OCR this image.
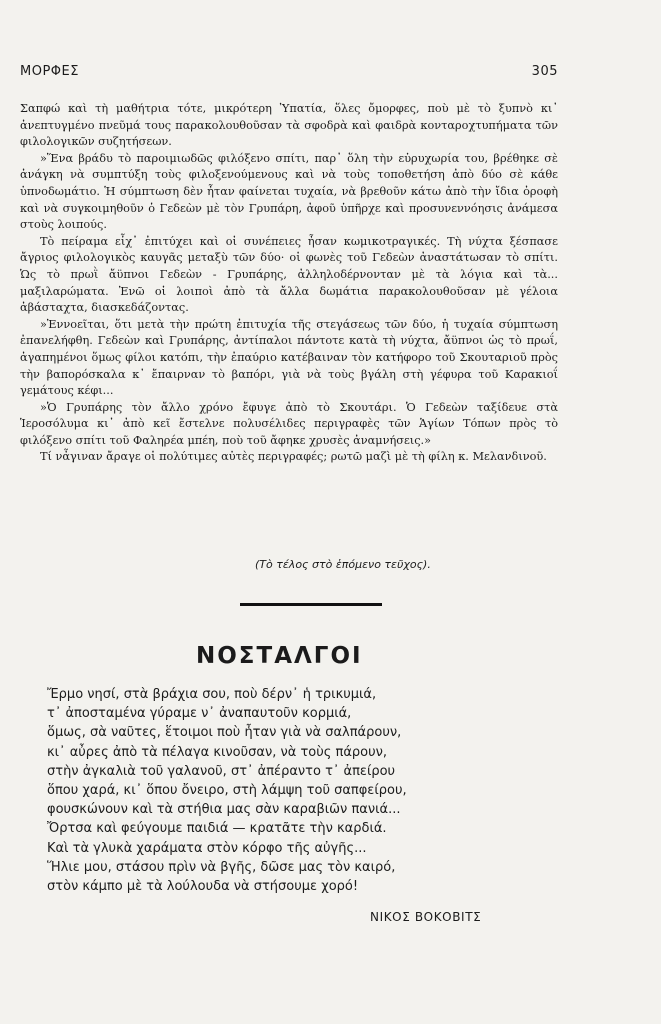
ΜΟΡΦΕΣ	305

Σαπφώ καὶ τὴ μαθήτρια τότε, μικρότερη Ὑπατία, ὅλες ὄμορφες, ποὺ μὲ τὸ ξυπνὸ κι᾽ ἀνεπτυγμένο πνεῦμά τους παρακολουθοῦσαν τὰ σφοδρὰ καὶ φαιδρὰ κονταροχτυπήματα τῶν φιλολογικῶν συζητήσεων.

»Ἕνα βράδυ τὸ παροιμιωδῶς φιλόξενο σπίτι, παρ᾽ ὅλη τὴν εὐρυχωρία του, βρέθηκε σὲ ἀνάγκη νὰ συμπτύξη τοὺς φιλοξενούμενους καὶ νὰ τοὺς τοποθετήση ἀπὸ δύο σὲ κάθε ὑπνοδωμάτιο. Ἡ σύμπτωση δὲν ἦταν φαίνεται τυχαία, νὰ βρεθοῦν κάτω ἀπὸ τὴν ἴδια ὀροφὴ καὶ νὰ συγκοιμηθοῦν ὁ Γεδεὼν μὲ τὸν Γρυπάρη, ἀφοῦ ὑπῆρχε καὶ προσυνεννόησις ἀνάμεσα στοὺς λοιπούς.

Τὸ πείραμα εἶχ᾽ ἐπιτύχει καὶ οἱ συνέπειες ἦσαν κωμικοτραγικές. Τὴ νύχτα ξέσπασε ἄγριος φιλολογικὸς καυγᾶς μεταξὺ τῶν δύο· οἱ φωνὲς τοῦ Γεδεὼν ἀναστάτωσαν τὸ σπίτι. Ὡς τὸ πρωῒ ἄϋπνοι Γεδεὼν - Γρυπάρης, ἀλληλοδέρνονταν μὲ τὰ λόγια καὶ τὰ... μαξιλαρώματα. Ἐνῶ οἱ λοιποὶ ἀπὸ τὰ ἄλλα δωμάτια παρακολουθοῦσαν μὲ γέλοια ἀβάσταχτα, διασκεδάζοντας.

»Ἐννοεῖται, ὅτι μετὰ τὴν πρώτη ἐπιτυχία τῆς στεγάσεως τῶν δύο, ἡ τυχαία σύμπτωση ἐπανελήφθη. Γεδεὼν καὶ Γρυπάρης, ἀντίπαλοι πάντοτε κατὰ τὴ νύχτα, ἄϋπνοι ὡς τὸ πρωΐ, ἀγαπημένοι ὅμως φίλοι κατόπι, τὴν ἐπαύριο κατέβαιναν τὸν κατήφορο τοῦ Σκουταριοῦ πρὸς τὴν βαπορόσκαλα κ᾽ ἔπαιρναν τὸ βαπόρι, γιὰ νὰ τοὺς βγάλη στὴ γέφυρα τοῦ Καρακιοΐ γεμάτους κέφι...

»Ὁ Γρυπάρης τὸν ἄλλο χρόνο ἔφυγε ἀπὸ τὸ Σκουτάρι. Ὁ Γεδεὼν ταξίδευε στὰ Ἱεροσόλυμα κι᾽ ἀπὸ κεῖ ἔστελνε πολυσέλιδες περιγραφὲς τῶν Ἁγίων Τόπων πρὸς τὸ φιλόξενο σπίτι τοῦ Φαληρέα μπέη, ποὺ τοῦ ἄφηκε χρυσὲς ἀναμνήσεις.»

Τί νἆγιναν ἄραγε οἱ πολύτιμες αὐτὲς περιγραφές; ρωτῶ μαζὶ μὲ τὴ φίλη κ. Μελανδινοῦ.

(Τὸ τέλος στὸ ἑπόμενο τεῦχος).
ΝΟΣΤΑΛΓΟΙ
Ἔρμο νησί, στὰ βράχια σου, ποὺ δέρν᾽ ἡ τρικυμιά,
τ᾽ ἀποσταμένα γύραμε ν᾽ ἀναπαυτοῦν κορμιά,
ὅμως, σὰ ναῦτες, ἕτοιμοι ποὺ ἦταν γιὰ νὰ σαλπάρουν,
κι᾽ αὖρες ἀπὸ τὰ πέλαγα κινοῦσαν, νὰ τοὺς πάρουν,
στὴν ἀγκαλιὰ τοῦ γαλανοῦ, στ᾽ ἀπέραντο τ᾽ ἀπείρου
ὅπου χαρά, κι᾽ ὅπου ὄνειρο, στὴ λάμψη τοῦ σαπφείρου,
φουσκώνουν καὶ τὰ στήθια μας σὰν καραβιῶν πανιά...
Ὄρτσα καὶ φεύγουμε παιδιά — κρατᾶτε τὴν καρδιά.
Καὶ τὰ γλυκὰ χαράματα στὸν κόρφο τῆς αὐγῆς...
Ἥλιε μου, στάσου πρὶν νὰ βγῆς, δῶσε μας τὸν καιρό,
στὸν κάμπο μὲ τὰ λούλουδα νὰ στήσουμε χορό!
ΝΙΚΟΣ ΒΟΚΟΒΙΤΣ
